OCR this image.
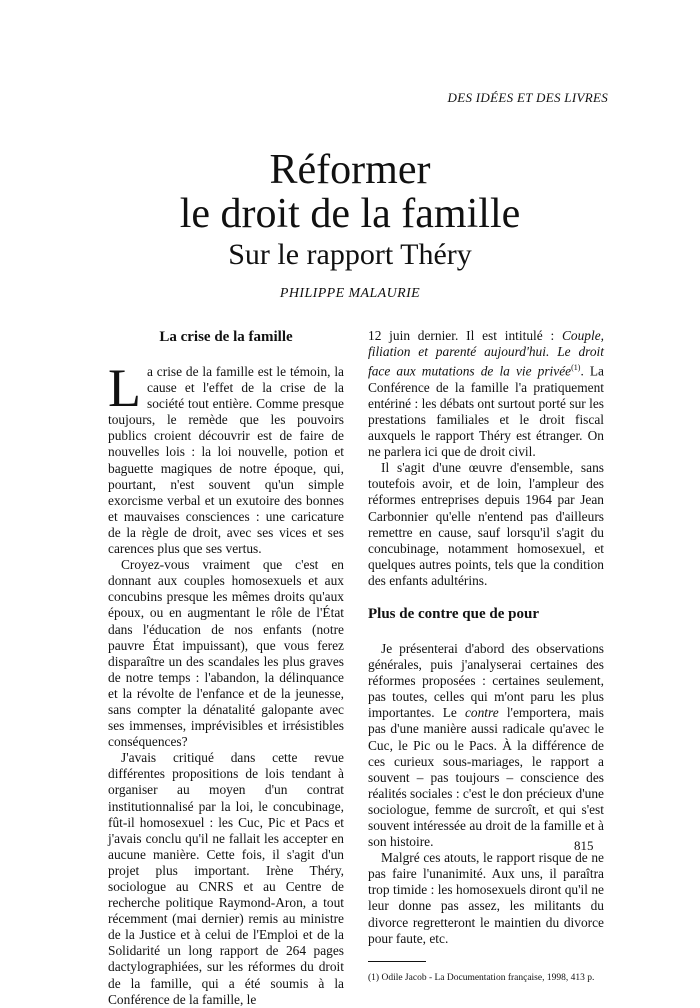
DES IDÉES ET DES LIVRES
Réformer
le droit de la famille
Sur le rapport Théry
PHILIPPE MALAURIE
La crise de la famille

La crise de la famille est le témoin, la cause et l'effet de la crise de la société tout entière. Comme presque toujours, le remède que les pouvoirs publics croient découvrir est de faire de nouvelles lois : la loi nouvelle, potion et baguette magiques de notre époque, qui, pourtant, n'est souvent qu'un simple exorcisme verbal et un exutoire des bonnes et mauvaises consciences : une caricature de la règle de droit, avec ses vices et ses carences plus que ses vertus.

Croyez-vous vraiment que c'est en donnant aux couples homosexuels et aux concubins presque les mêmes droits qu'aux époux, ou en augmentant le rôle de l'État dans l'éducation de nos enfants (notre pauvre État impuissant), que vous ferez disparaître un des scandales les plus graves de notre temps : l'abandon, la délinquance et la révolte de l'enfance et de la jeunesse, sans compter la dénatalité galopante avec ses immenses, imprévisibles et irrésistibles conséquences?

J'avais critiqué dans cette revue différentes propositions de lois tendant à organiser au moyen d'un contrat institutionnalisé par la loi, le concubinage, fût-il homosexuel : les Cuc, Pic et Pacs et j'avais conclu qu'il ne fallait les accepter en aucune manière. Cette fois, il s'agit d'un projet plus important. Irène Théry, sociologue au CNRS et au Centre de recherche politique Raymond-Aron, a tout récemment (mai dernier) remis au ministre de la Justice et à celui de l'Emploi et de la Solidarité un long rapport de 264 pages dactylographiées, sur les réformes du droit de la famille, qui a été soumis à la Conférence de la famille, le

12 juin dernier. Il est intitulé : Couple, filiation et parenté aujourd'hui. Le droit face aux mutations de la vie privée$^{(1)}$. La Conférence de la famille l'a pratiquement entériné : les débats ont surtout porté sur les prestations familiales et le droit fiscal auxquels le rapport Théry est étranger. On ne parlera ici que de droit civil.

Il s'agit d'une œuvre d'ensemble, sans toutefois avoir, et de loin, l'ampleur des réformes entreprises depuis 1964 par Jean Carbonnier qu'elle n'entend pas d'ailleurs remettre en cause, sauf lorsqu'il s'agit du concubinage, notamment homosexuel, et quelques autres points, tels que la condition des enfants adultérins.

Plus de contre que de pour

Je présenterai d'abord des observations générales, puis j'analyserai certaines des réformes proposées : certaines seulement, pas toutes, celles qui m'ont paru les plus importantes. Le contre l'emportera, mais pas d'une manière aussi radicale qu'avec le Cuc, le Pic ou le Pacs. À la différence de ces curieux sous-mariages, le rapport a souvent – pas toujours – conscience des réalités sociales : c'est le don précieux d'une sociologue, femme de surcroît, et qui s'est souvent intéressée au droit de la famille et à son histoire.

Malgré ces atouts, le rapport risque de ne pas faire l'unanimité. Aux uns, il paraîtra trop timide : les homosexuels diront qu'il ne leur donne pas assez, les militants du divorce regretteront le maintien du divorce pour faute, etc.

(1) Odile Jacob - La Documentation française, 1998, 413 p.

815
